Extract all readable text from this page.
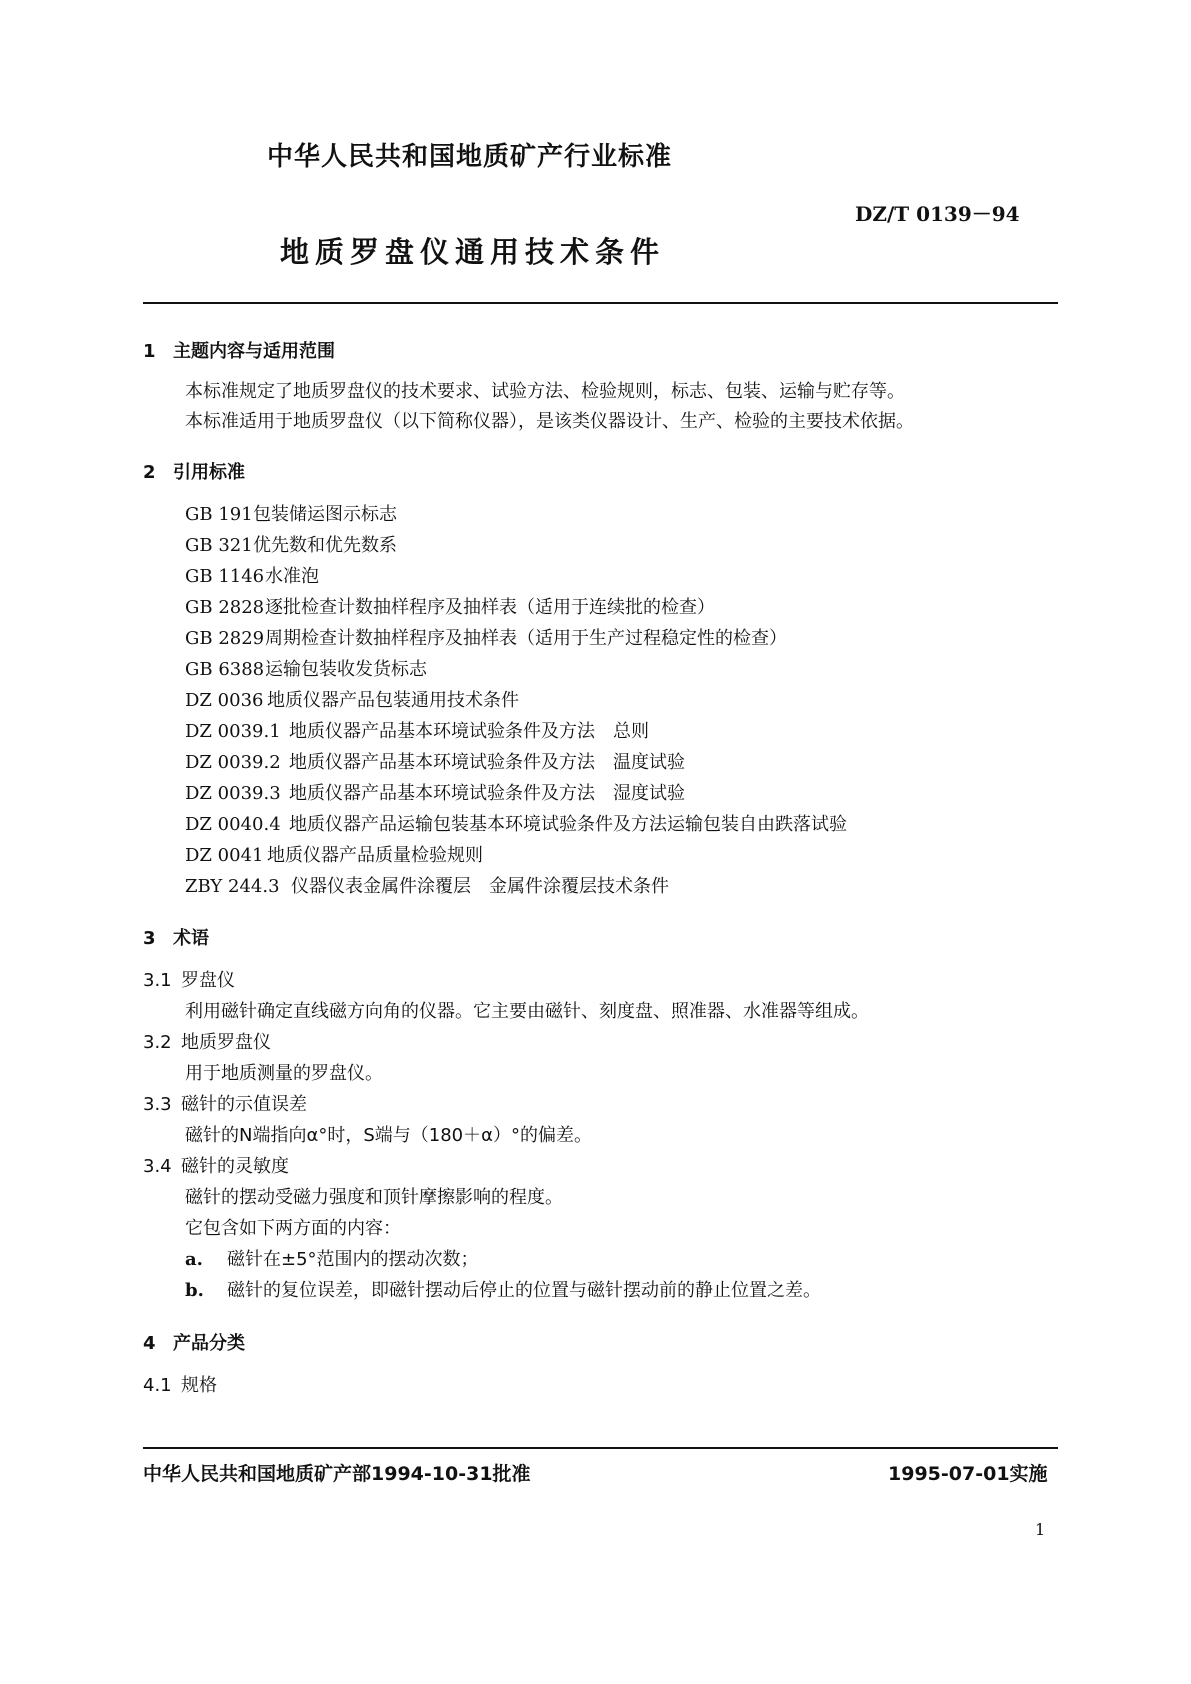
中华人民共和国地质矿产行业标准
DZ/T 0139－94
地质罗盘仪通用技术条件
1 主题内容与适用范围
本标准规定了地质罗盘仪的技术要求、试验方法、检验规则，标志、包装、运输与贮存等。
本标准适用于地质罗盘仪（以下简称仪器），是该类仪器设计、生产、检验的主要技术依据。
2 引用标准
GB 191包装储运图示标志
GB 321优先数和优先数系
GB 1146水准泡
GB 2828逐批检查计数抽样程序及抽样表（适用于连续批的检查）
GB 2829周期检查计数抽样程序及抽样表（适用于生产过程稳定性的检查）
GB 6388运输包装收发货标志
DZ 0036 地质仪器产品包装通用技术条件
DZ 0039.1 地质仪器产品基本环境试验条件及方法　总则
DZ 0039.2 地质仪器产品基本环境试验条件及方法　温度试验
DZ 0039.3 地质仪器产品基本环境试验条件及方法　湿度试验
DZ 0040.4 地质仪器产品运输包装基本环境试验条件及方法运输包装自由跌落试验
DZ 0041 地质仪器产品质量检验规则
ZBY 244.3 仪器仪表金属件涂覆层　金属件涂覆层技术条件
3 术语
3.1 罗盘仪
利用磁针确定直线磁方向角的仪器。它主要由磁针、刻度盘、照准器、水准器等组成。
3.2 地质罗盘仪
用于地质测量的罗盘仪。
3.3 磁针的示值误差
磁针的N端指向α°时，S端与（180＋α）°的偏差。
3.4 磁针的灵敏度
磁针的摆动受磁力强度和顶针摩擦影响的程度。
它包含如下两方面的内容：
a. 磁针在±5°范围内的摆动次数；
b. 磁针的复位误差，即磁针摆动后停止的位置与磁针摆动前的静止位置之差。
4 产品分类
4.1 规格
中华人民共和国地质矿产部1994-10-31批准	1995-07-01实施
1
